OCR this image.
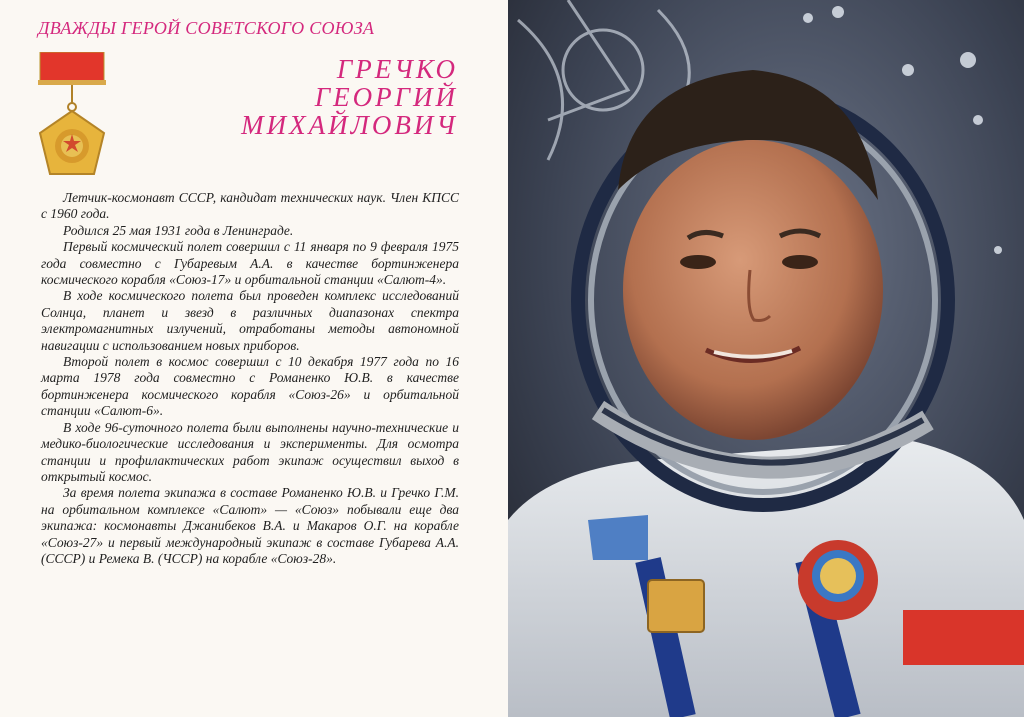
ДВАЖДЫ ГЕРОЙ СОВЕТСКОГО СОЮЗА
ГРЕЧКО
ГЕОРГИЙ
МИХАЙЛОВИЧ

Летчик-космонавт СССР, кандидат технических наук. Член КПСС с 1960 года.

Родился 25 мая 1931 года в Ленинграде.

Первый космический полет совершил с 11 января по 9 февраля 1975 года совместно с Губаревым А.А. в качестве бортинженера космического корабля «Союз-17» и орбитальной станции «Салют-4».

В ходе космического полета был проведен комплекс исследований Солнца, планет и звезд в различных диапазонах спектра электромагнитных излучений, отработаны методы автономной навигации с использованием новых приборов.

Второй полет в космос совершил с 10 декабря 1977 года по 16 марта 1978 года совместно с Романенко Ю.В. в качестве бортинженера космического корабля «Союз-26» и орбитальной станции «Салют-6».

В ходе 96-суточного полета были выполнены научно-технические и медико-биологические исследования и эксперименты. Для осмотра станции и профилактических работ экипаж осуществил выход в открытый космос.

За время полета экипажа в составе Романенко Ю.В. и Гречко Г.М. на орбитальном комплексе «Салют» — «Союз» побывали еще два экипажа: космонавты Джанибеков В.А. и Макаров О.Г. на корабле «Союз-27» и первый международный экипаж в составе Губарева А.А. (СССР) и Ремека В. (ЧССР) на корабле «Союз-28».
